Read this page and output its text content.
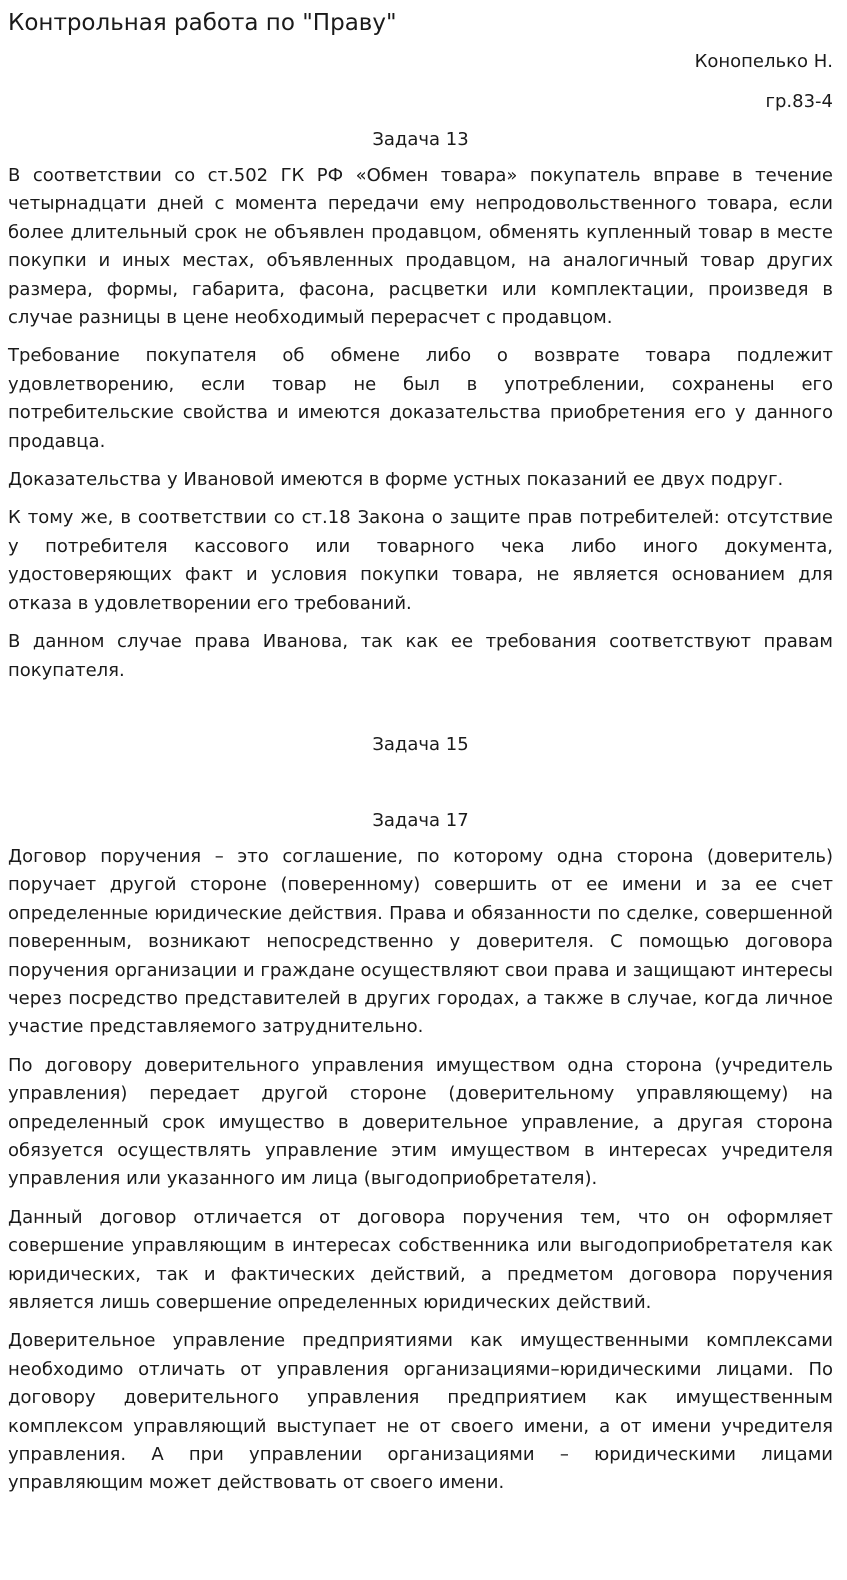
Контрольная работа по "Праву"
Конопелько Н.
гр.83-4
Задача 13

В соответствии со ст.502 ГК РФ «Обмен товара» покупатель вправе в течение четырнадцати дней с момента передачи ему непродовольственного товара, если более длительный срок не объявлен продавцом, обменять купленный товар в месте покупки и иных местах, объявленных продавцом, на аналогичный товар других размера, формы, габарита, фасона, расцветки или комплектации, произведя в случае разницы в цене необходимый перерасчет с продавцом.

Требование покупателя об обмене либо о возврате товара подлежит удовлетворению, если товар не был в употреблении, сохранены его потребительские свойства и имеются доказательства приобретения его у данного продавца.

Доказательства у Ивановой имеются в форме устных показаний ее двух подруг.

К тому же, в соответствии со ст.18 Закона о защите прав потребителей: отсутствие у потребителя кассового или товарного чека либо иного документа, удостоверяющих факт и условия покупки товара, не является основанием для отказа в удовлетворении его требований.

В данном случае права Иванова, так как ее требования соответствуют правам покупателя.

Задача 15
Задача 17

Договор поручения – это соглашение, по которому одна сторона (доверитель) поручает другой стороне (поверенному) совершить от ее имени и за ее счет определенные юридические действия. Права и обязанности по сделке, совершенной поверенным, возникают непосредственно у доверителя. С помощью договора поручения организации и граждане осуществляют свои права и защищают интересы через посредство представителей в других городах, а также в случае, когда личное участие представляемого затруднительно.

По договору доверительного управления имуществом одна сторона (учредитель управления) передает другой стороне (доверительному управляющему) на определенный срок имущество в доверительное управление, а другая сторона обязуется осуществлять управление этим имуществом в интересах учредителя управления или указанного им лица (выгодоприобретателя).

Данный договор отличается от договора поручения тем, что он оформляет совершение управляющим в интересах собственника или выгодоприобретателя как юридических, так и фактических действий, а предметом договора поручения является лишь совершение определенных юридических действий.

Доверительное управление предприятиями как имущественными комплексами необходимо отличать от управления организациями–юридическими лицами. По договору доверительного управления предприятием как имущественным комплексом управляющий выступает не от своего имени, а от имени учредителя управления. А при управлении организациями – юридическими лицами управляющим может действовать от своего имени.
